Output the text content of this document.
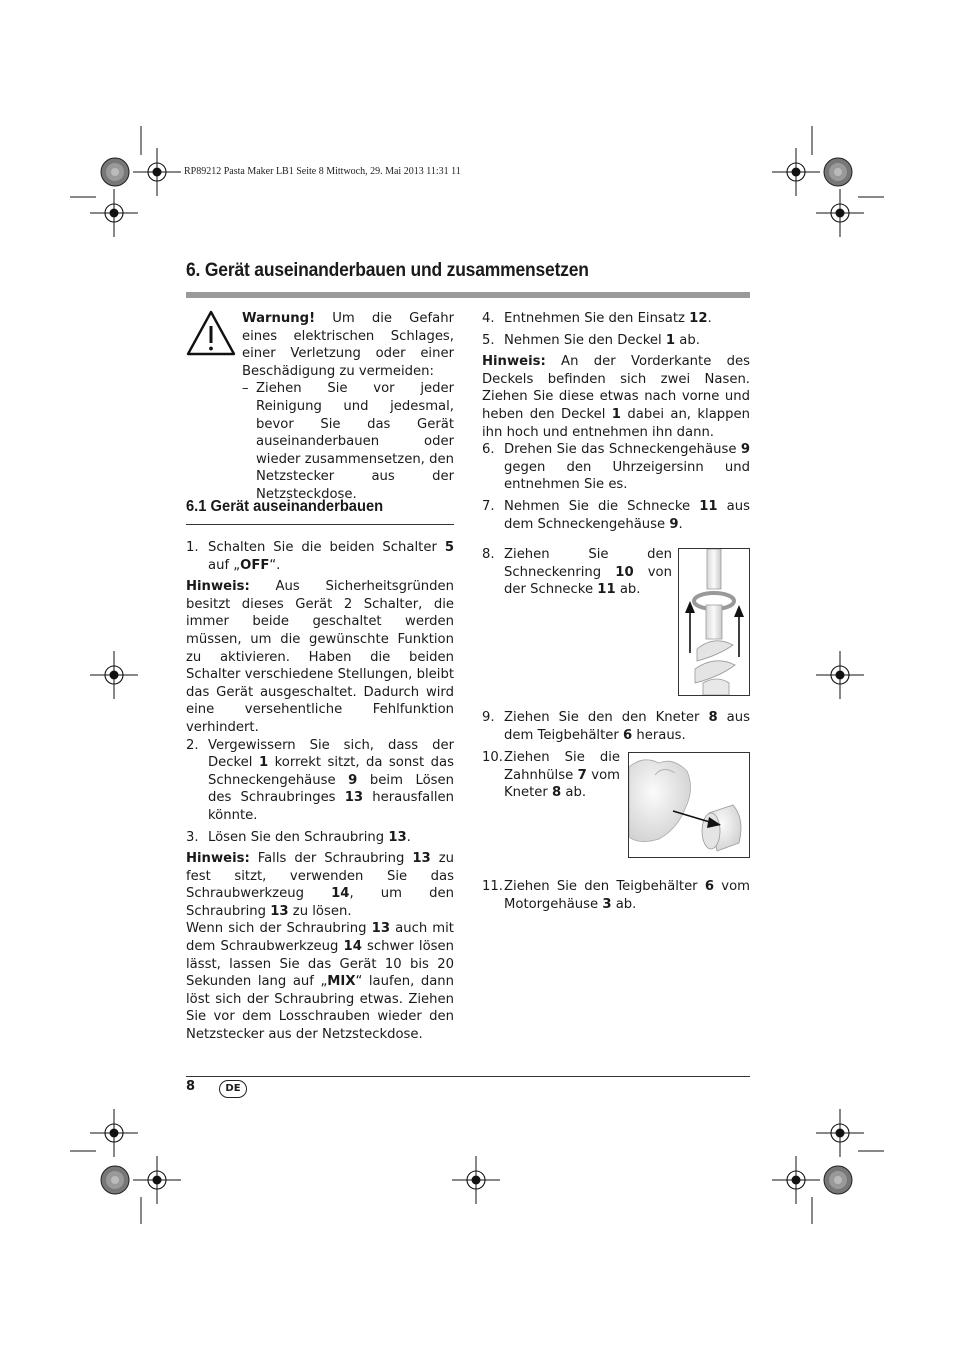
RP89212 Pasta Maker LB1 Seite 8 Mittwoch, 29. Mai 2013 11:31 11
6. Gerät auseinanderbauen und zusammensetzen

Warnung! Um die Gefahr eines elektrischen Schlages, einer Verletzung oder einer Beschädigung zu vermeiden:

– Ziehen Sie vor jeder Reinigung und jedesmal, bevor Sie das Gerät auseinanderbauen oder wieder zusammensetzen, den Netzstecker aus der Netzsteckdose.
6.1 Gerät auseinanderbauen
1. Schalten Sie die beiden Schalter 5 auf „OFF“.

Hinweis: Aus Sicherheitsgründen besitzt dieses Gerät 2 Schalter, die immer beide geschaltet werden müssen, um die gewünschte Funktion zu aktivieren. Haben die beiden Schalter verschiedene Stellungen, bleibt das Gerät ausgeschaltet. Dadurch wird eine versehentliche Fehlfunktion verhindert.

2. Vergewissern Sie sich, dass der Deckel 1 korrekt sitzt, da sonst das Schneckengehäuse 9 beim Lösen des Schraubringes 13 herausfallen könnte.

3. Lösen Sie den Schraubring 13.

Hinweis: Falls der Schraubring 13 zu fest sitzt, verwenden Sie das Schraubwerkzeug 14, um den Schraubring 13 zu lösen.

Wenn sich der Schraubring 13 auch mit dem Schraubwerkzeug 14 schwer lösen lässt, lassen Sie das Gerät 10 bis 20 Sekunden lang auf „MIX“ laufen, dann löst sich der Schraubring etwas. Ziehen Sie vor dem Losschrauben wieder den Netzstecker aus der Netzsteckdose.

4. Entnehmen Sie den Einsatz 12.

5. Nehmen Sie den Deckel 1 ab.

Hinweis: An der Vorderkante des Deckels befinden sich zwei Nasen. Ziehen Sie diese etwas nach vorne und heben den Deckel 1 dabei an, klappen ihn hoch und entnehmen ihn dann.

6. Drehen Sie das Schneckengehäuse 9 gegen den Uhrzeigersinn und entnehmen Sie es.

7. Nehmen Sie die Schnecke 11 aus dem Schneckengehäuse 9.

8. Ziehen Sie den Schneckenring 10 von der Schnecke 11 ab.

9. Ziehen Sie den den Kneter 8 aus dem Teigbehälter 6 heraus.

10. Ziehen Sie die Zahnhülse 7 vom Kneter 8 ab.

11. Ziehen Sie den Teigbehälter 6 vom Motorgehäuse 3 ab.

8	DE
